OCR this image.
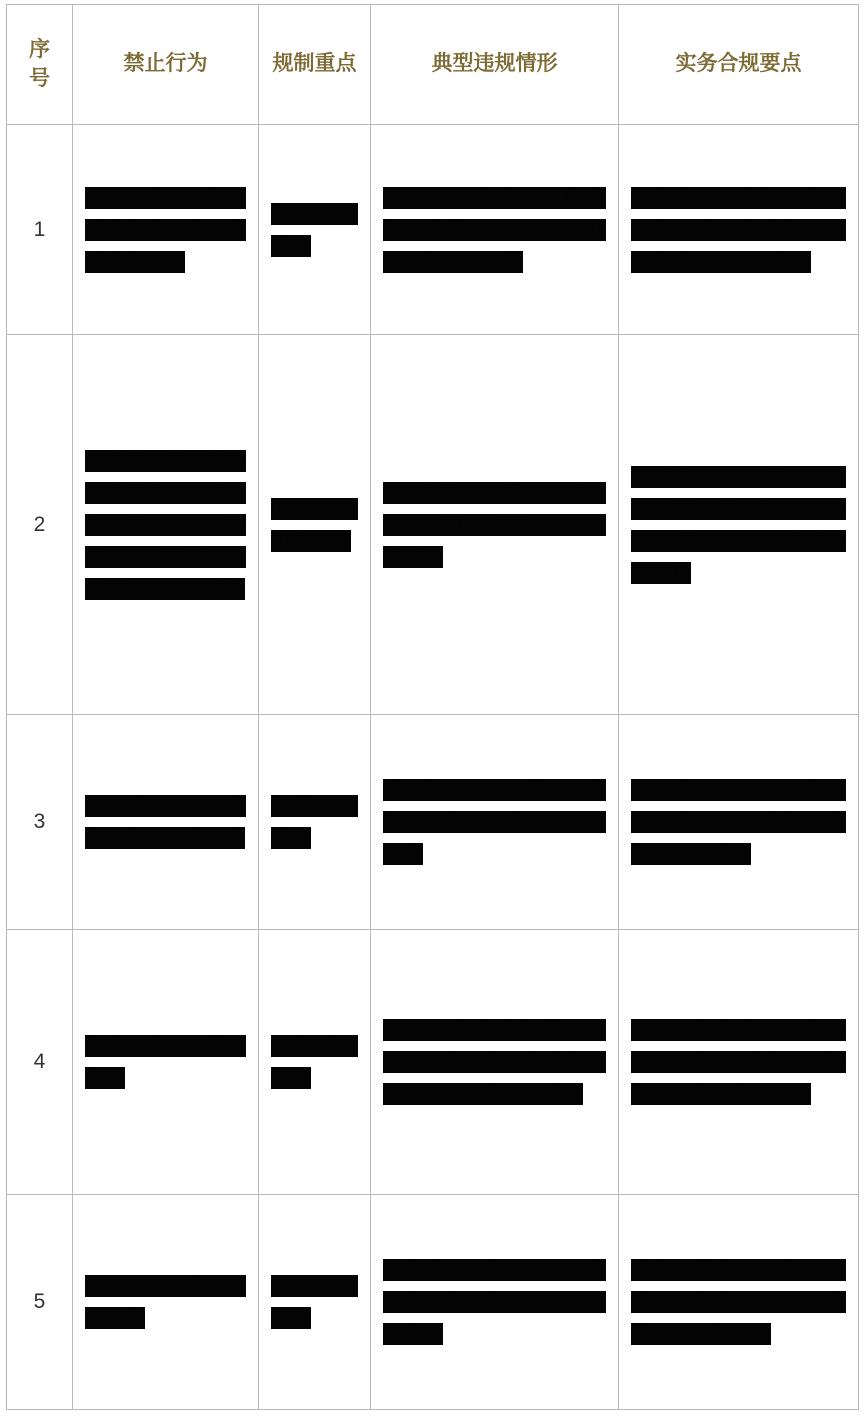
序号	禁止行为	规制重点	典型违规情形	实务合规要点
1	通过名股实债等方式变相增加地方政府隐性债务	防范债务风险	固定回报承诺、回购条款、差额补足、定期分红等名股实债安排	坚持真正的股权投资，共担风险、共享收益，不得承诺保本保收益
2	除设立方案明确可参与的并购重组、定向增发、战略配售外，从事其他公开交易类股票投资	限制二级市场炒作	二级市场买入卖出、新股申购、可转债交易、ETF投资等	保留三种例外情形，需经设立方案明确；其他公开交易类股票投资绝对禁止
3	直接或间接从事期货等衍生品类交易	控制杠杆风险	商品期货、金融期货、期权、远期、互换等衍生品交易	绝对禁止，无例外情形；关注对赌条款等变相衍生品风险
4	为企业或项目提供担保	隔离或有负债	为被投企业贷款提供担保、为关联方融资提供担保、保本保收益承诺等	广义理解担保，包括保证、抵押、质押、差额补足、流动性支持等
5	开展承担无限责任的投资	限定责任边界	作为普通合伙人承担无限连带责任、投资无限责任实体等	政府出资部分应作为LP或公司制股东，以出资额为限承担责任
